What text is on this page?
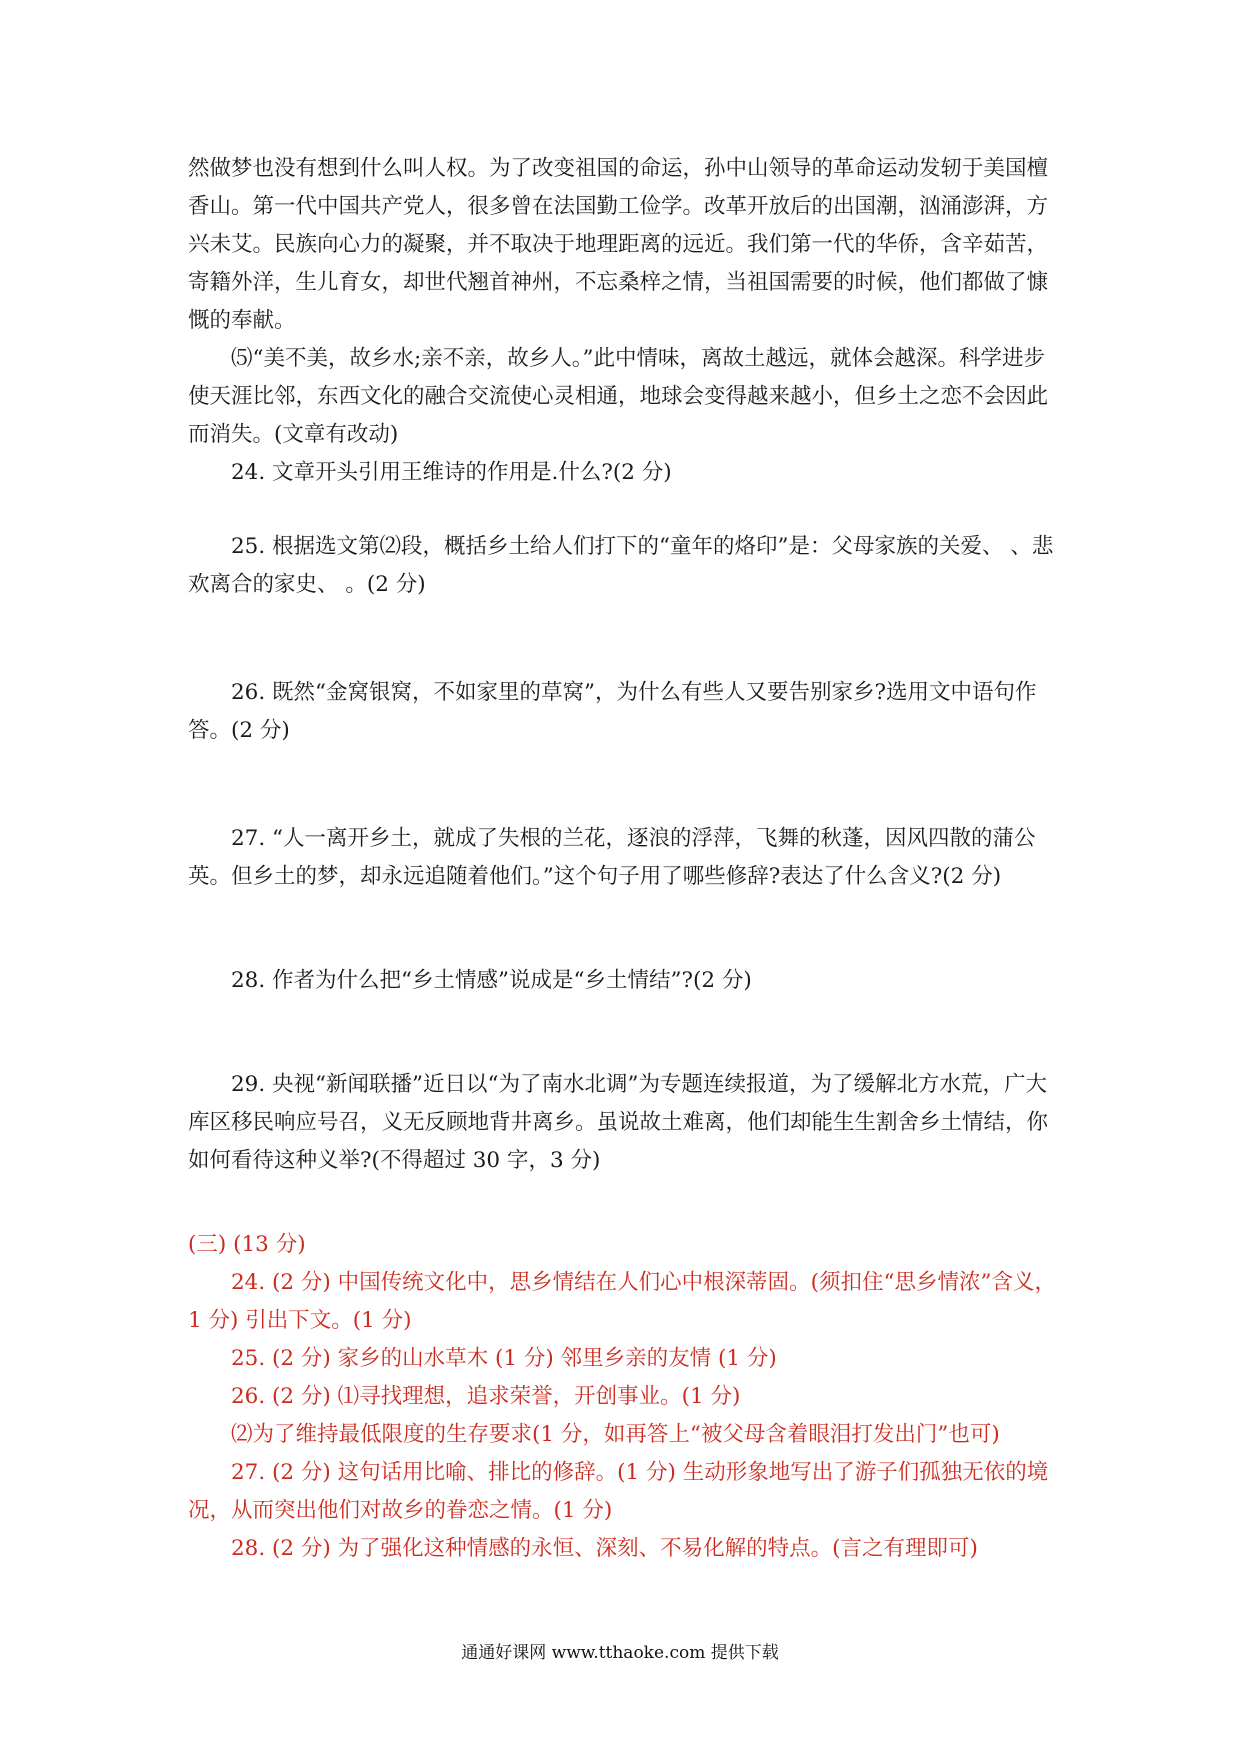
然做梦也没有想到什么叫人权。为了改变祖国的命运，孙中山领导的革命运动发轫于美国檀香山。第一代中国共产党人，很多曾在法国勤工俭学。改革开放后的出国潮，汹涌澎湃，方兴未艾。民族向心力的凝聚，并不取决于地理距离的远近。我们第一代的华侨，含辛茹苦，寄籍外洋，生儿育女，却世代翘首神州，不忘桑梓之情，当祖国需要的时候，他们都做了慷慨的奉献。

⑸“美不美，故乡水;亲不亲，故乡人。”此中情味，离故土越远，就体会越深。科学进步使天涯比邻，东西文化的融合交流使心灵相通，地球会变得越来越小，但乡土之恋不会因此而消失。(文章有改动)

24. 文章开头引用王维诗的作用是.什么?(2 分)

25. 根据选文第⑵段，概括乡土给人们打下的“童年的烙印”是：父母家族的关爱、 、悲欢离合的家史、 。(2 分)

26. 既然“金窝银窝，不如家里的草窝”，为什么有些人又要告别家乡?选用文中语句作答。(2 分)

27. “人一离开乡土，就成了失根的兰花，逐浪的浮萍，飞舞的秋蓬，因风四散的蒲公英。但乡土的梦，却永远追随着他们。”这个句子用了哪些修辞?表达了什么含义?(2 分)

28. 作者为什么把“乡土情感”说成是“乡土情结”?(2 分)

29. 央视“新闻联播”近日以“为了南水北调”为专题连续报道，为了缓解北方水荒，广大库区移民响应号召，义无反顾地背井离乡。虽说故土难离，他们却能生生割舍乡土情结，你如何看待这种义举?(不得超过 30 字，3 分)

(三) (13 分)

24. (2 分) 中国传统文化中，思乡情结在人们心中根深蒂固。(须扣住“思乡情浓”含义，1 分) 引出下文。(1 分)

25. (2 分) 家乡的山水草木 (1 分) 邻里乡亲的友情 (1 分)

26. (2 分) ⑴寻找理想，追求荣誉，开创事业。(1 分)

⑵为了维持最低限度的生存要求(1 分，如再答上“被父母含着眼泪打发出门”也可)

27. (2 分) 这句话用比喻、排比的修辞。(1 分) 生动形象地写出了游子们孤独无依的境况，从而突出他们对故乡的眷恋之情。(1 分)

28. (2 分) 为了强化这种情感的永恒、深刻、不易化解的特点。(言之有理即可)

通通好课网 www.tthaoke.com 提供下载
